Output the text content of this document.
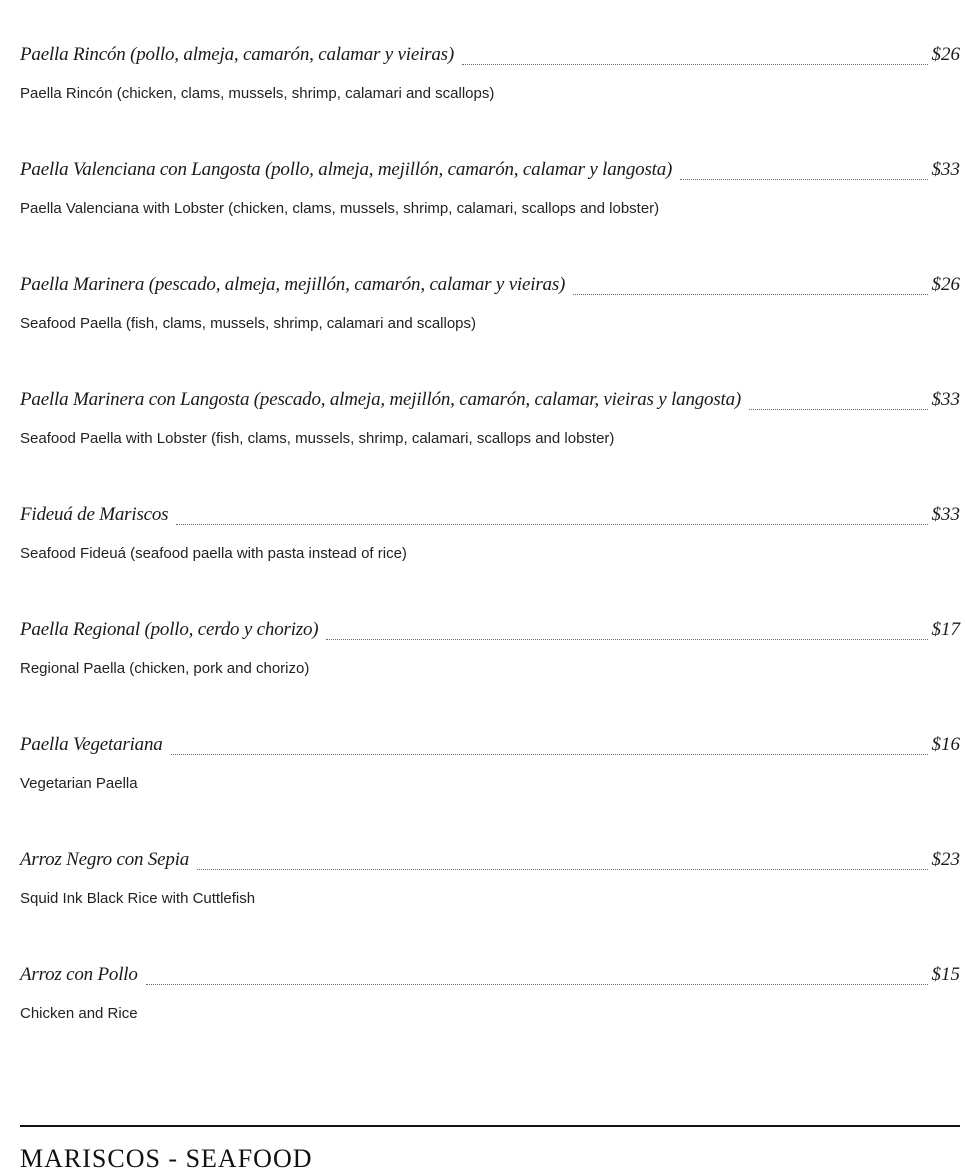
Paella Rincón (pollo, almeja, camarón, calamar y vieiras)	$26
Paella Rincón (chicken, clams, mussels, shrimp, calamari and scallops)
Paella Valenciana con Langosta (pollo, almeja, mejillón, camarón, calamar y langosta)	$33
Paella Valenciana with Lobster (chicken, clams, mussels, shrimp, calamari, scallops and lobster)
Paella Marinera (pescado, almeja, mejillón, camarón, calamar y vieiras)	$26
Seafood Paella (fish, clams, mussels, shrimp, calamari and scallops)
Paella Marinera con Langosta (pescado, almeja, mejillón, camarón, calamar, vieiras y langosta)	$33
Seafood Paella with Lobster (fish, clams, mussels, shrimp, calamari, scallops and lobster)
Fideuá de Mariscos	$33
Seafood Fideuá (seafood paella with pasta instead of rice)
Paella Regional (pollo, cerdo y chorizo)	$17
Regional Paella (chicken, pork and chorizo)
Paella Vegetariana	$16
Vegetarian Paella
Arroz Negro con Sepia	$23
Squid Ink Black Rice with Cuttlefish
Arroz con Pollo	$15
Chicken and Rice
MARISCOS - SEAFOOD
